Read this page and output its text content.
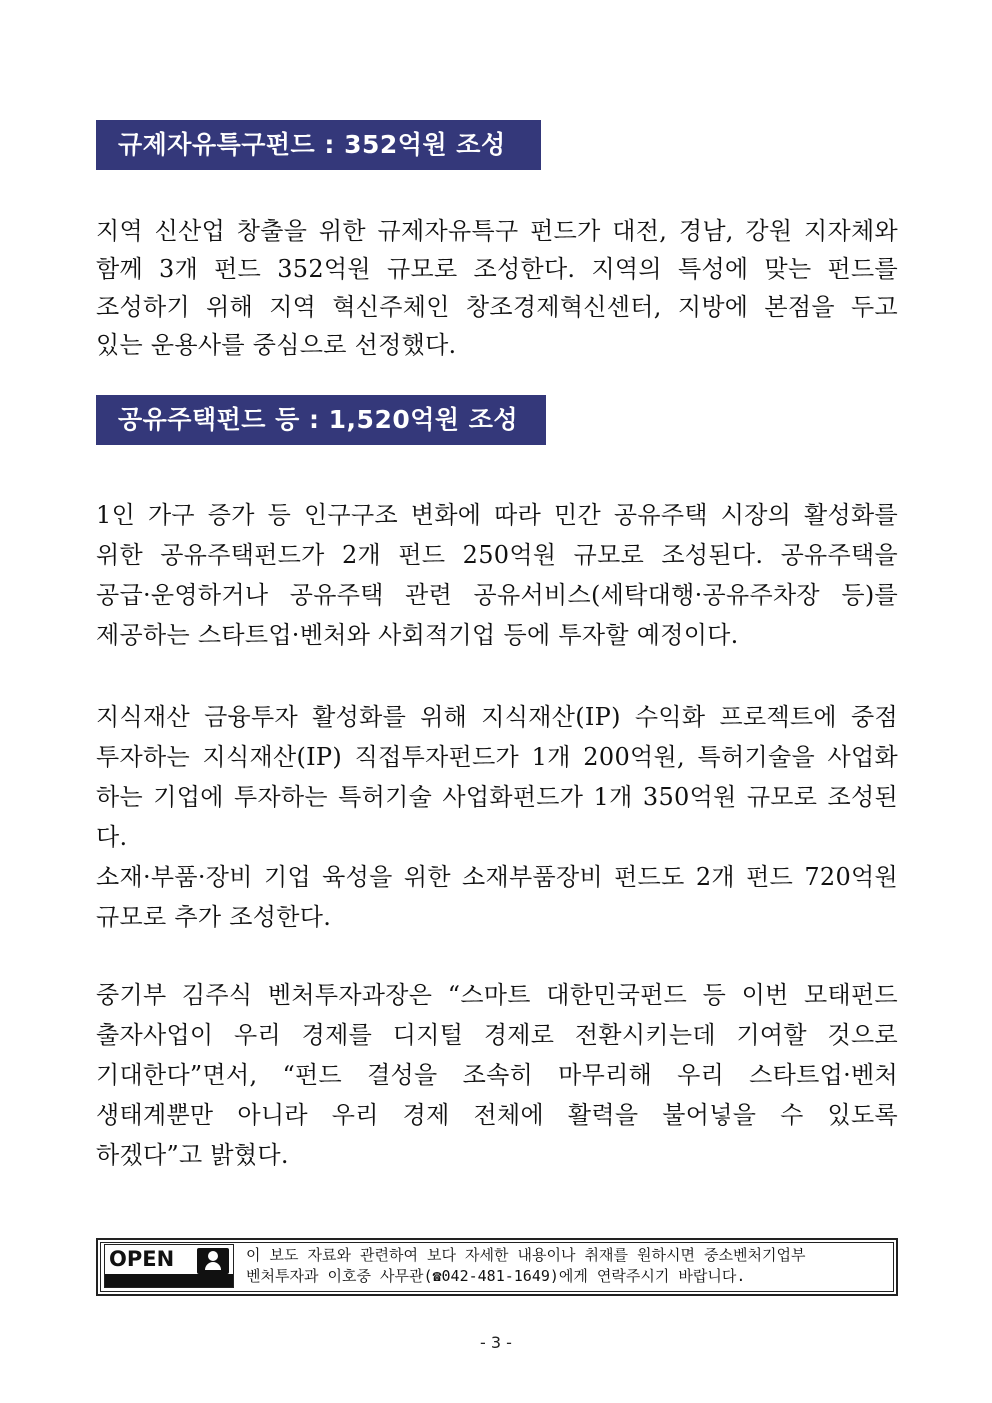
규제자유특구펀드 : 352억원 조성
지역 신산업 창출을 위한 규제자유특구 펀드가 대전, 경남, 강원 지자체와
함께 3개 펀드 352억원 규모로 조성한다. 지역의 특성에 맞는 펀드를
조성하기 위해 지역 혁신주체인 창조경제혁신센터, 지방에 본점을 두고
있는 운용사를 중심으로 선정했다.
공유주택펀드 등 : 1,520억원 조성
1인 가구 증가 등 인구구조 변화에 따라 민간 공유주택 시장의 활성화를
위한 공유주택펀드가 2개 펀드 250억원 규모로 조성된다. 공유주택을
공급·운영하거나 공유주택 관련 공유서비스(세탁대행·공유주차장 등)를
제공하는 스타트업·벤처와 사회적기업 등에 투자할 예정이다.
지식재산 금융투자 활성화를 위해 지식재산(IP) 수익화 프로젝트에 중점
투자하는 지식재산(IP) 직접투자펀드가 1개 200억원, 특허기술을 사업화
하는 기업에 투자하는 특허기술 사업화펀드가 1개 350억원 규모로 조성된다.
소재·부품·장비 기업 육성을 위한 소재부품장비 펀드도 2개 펀드 720억원
규모로 추가 조성한다.
중기부 김주식 벤처투자과장은 “스마트 대한민국펀드 등 이번 모태펀드
출자사업이 우리 경제를 디지털 경제로 전환시키는데 기여할 것으로
기대한다”면서, “펀드 결성을 조속히 마무리해 우리 스타트업·벤처
생태계뿐만 아니라 우리 경제 전체에 활력을 불어넣을 수 있도록
하겠다”고 밝혔다.
OPEN	이 보도 자료와 관련하여 보다 자세한 내용이나 취재를 원하시면 중소벤처기업부
벤처투자과 이호중 사무관(☎042-481-1649)에게 연락주시기 바랍니다.
- 3 -
